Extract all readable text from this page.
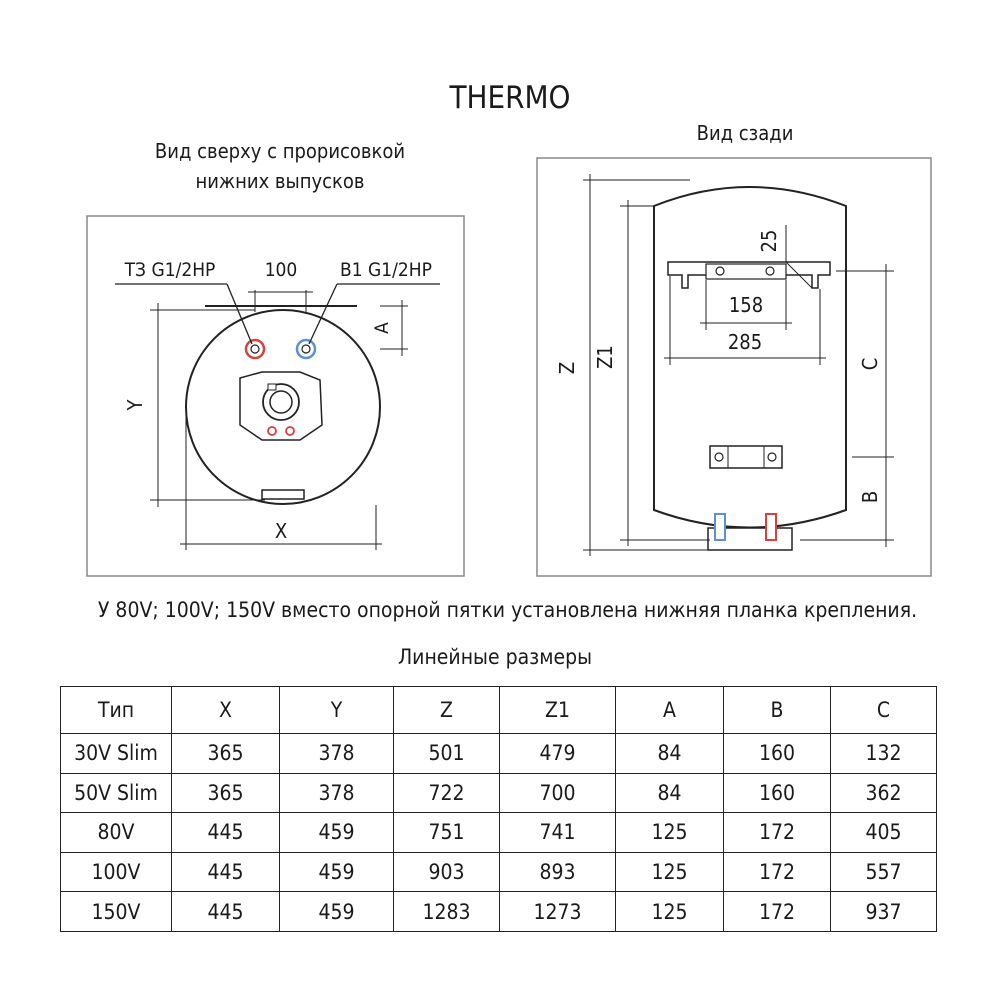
THERMO
Вид сверху с прорисовкой
нижних выпусков
Вид сзади
ТЗ G1/2НР	В1 G1/2НР
100
A
Y
X
Z Z1
25
158
285
C
B
У 80V; 100V; 150V вместо опорной пятки установлена нижняя планка крепления.
Линейные размеры
Тип	X	Y	Z	Z1	A	B	C
30V Slim	365	378	501	479	84	160	132
50V Slim	365	378	722	700	84	160	362
80V	445	459	751	741	125	172	405
100V	445	459	903	893	125	172	557
150V	445	459	1283	1273	125	172	937
